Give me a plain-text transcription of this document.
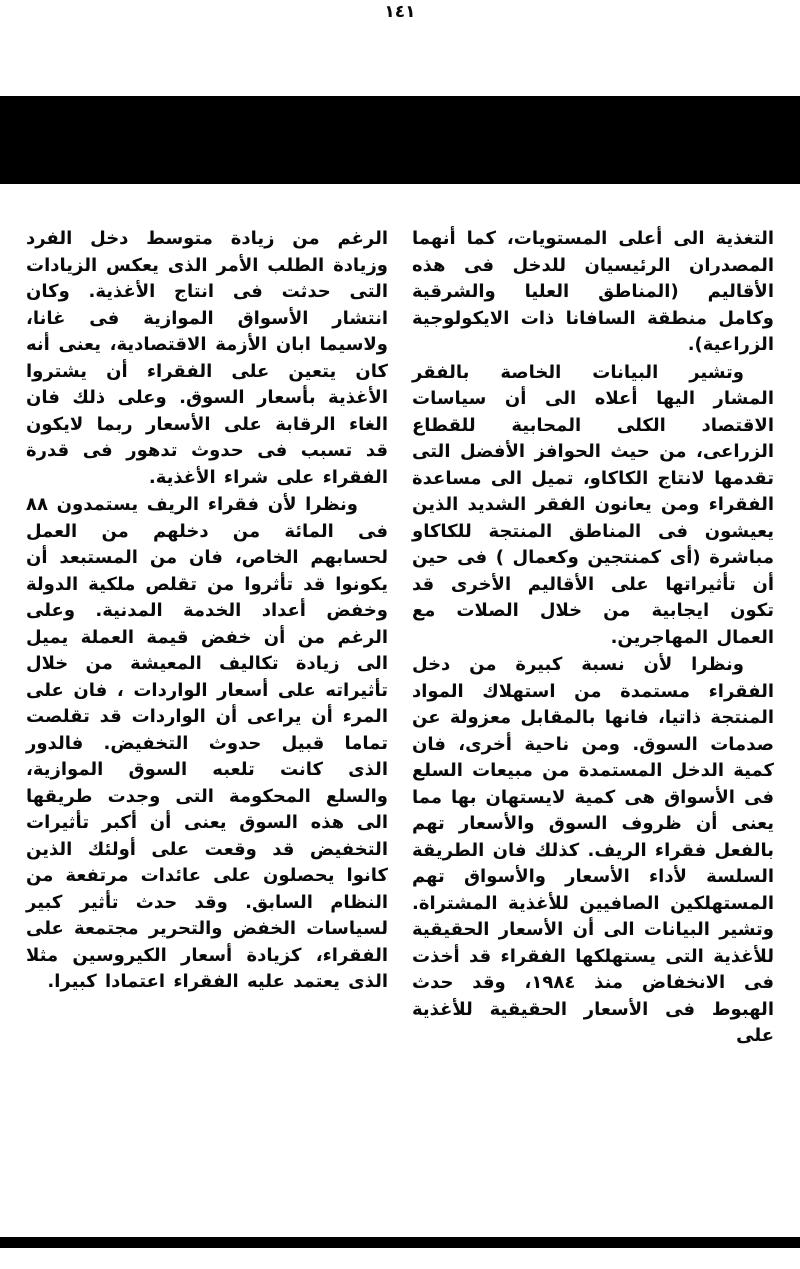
١٤١

التغذية الى أعلى المستويات، كما أنهما المصدران الرئيسيان للدخل فى هذه الأقاليم (المناطق العليا والشرقية وكامل منطقة السافانا ذات الايكولوجية الزراعية).

وتشير البيانات الخاصة بالفقر المشار اليها أعلاه الى أن سياسات الاقتصاد الكلى المحابية للقطاع الزراعى، من حيث الحوافز الأفضل التى تقدمها لانتاج الكاكاو، تميل الى مساعدة الفقراء ومن يعانون الفقر الشديد الذين يعيشون فى المناطق المنتجة للكاكاو مباشرة (أى كمنتجين وكعمال ) فى حين أن تأثيراتها على الأقاليم الأخرى قد تكون ايجابية من خلال الصلات مع العمال المهاجرين.

ونظرا لأن نسبة كبيرة من دخل الفقراء مستمدة من استهلاك المواد المنتجة ذاتيا، فانها بالمقابل معزولة عن صدمات السوق. ومن ناحية أخرى، فان كمية الدخل المستمدة من مبيعات السلع فى الأسواق هى كمية لايستهان بها مما يعنى أن ظروف السوق والأسعار تهم بالفعل فقراء الريف. كذلك فان الطريقة السلسة لأداء الأسعار والأسواق تهم المستهلكين الصافيين للأغذية المشتراة. وتشير البيانات الى أن الأسعار الحقيقية للأغذية التى يستهلكها الفقراء قد أخذت فى الانخفاض منذ ١٩٨٤، وقد حدث الهبوط فى الأسعار الحقيقية للأغذية على

الرغم من زيادة متوسط دخل الفرد وزيادة الطلب الأمر الذى يعكس الزيادات التى حدثت فى انتاج الأغذية. وكان انتشار الأسواق الموازية فى غانا، ولاسيما ابان الأزمة الاقتصادية، يعنى أنه كان يتعين على الفقراء أن يشتروا الأغذية بأسعار السوق. وعلى ذلك فان الغاء الرقابة على الأسعار ربما لايكون قد تسبب فى حدوث تدهور فى قدرة الفقراء على شراء الأغذية.

ونظرا لأن فقراء الريف يستمدون ٨٨ فى المائة من دخلهم من العمل لحسابهم الخاص، فان من المستبعد أن يكونوا قد تأثروا من تقلص ملكية الدولة وخفض أعداد الخدمة المدنية. وعلى الرغم من أن خفض قيمة العملة يميل الى زيادة تكاليف المعيشة من خلال تأثيراته على أسعار الواردات ، فان على المرء أن يراعى أن الواردات قد تقلصت تماما قبيل حدوث التخفيض. فالدور الذى كانت تلعبه السوق الموازية، والسلع المحكومة التى وجدت طريقها الى هذه السوق يعنى أن أكبر تأثيرات التخفيض قد وقعت على أولئك الذين كانوا يحصلون على عائدات مرتفعة من النظام السابق. وقد حدث تأثير كبير لسياسات الخفض والتحرير مجتمعة على الفقراء، كزيادة أسعار الكيروسين مثلا الذى يعتمد عليه الفقراء اعتمادا كبيرا.
